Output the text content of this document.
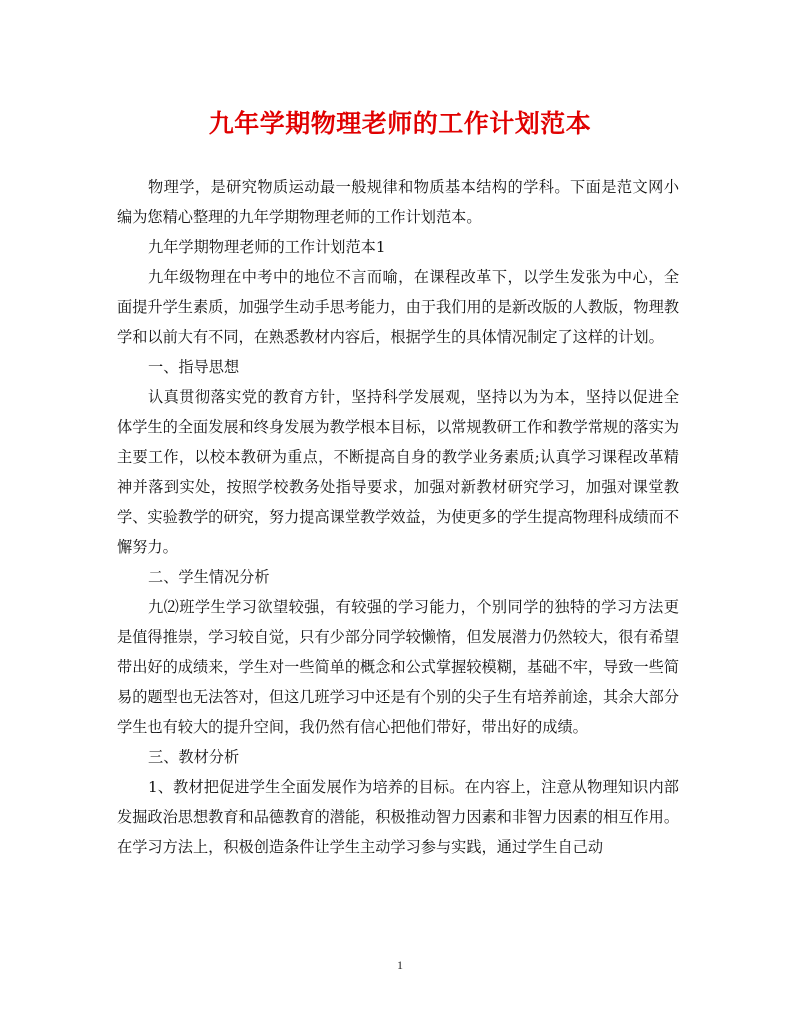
九年学期物理老师的工作计划范本

物理学，是研究物质运动最一般规律和物质基本结构的学科。下面是范文网小编为您精心整理的九年学期物理老师的工作计划范本。

九年学期物理老师的工作计划范本1

九年级物理在中考中的地位不言而喻，在课程改革下，以学生发张为中心，全面提升学生素质，加强学生动手思考能力，由于我们用的是新改版的人教版，物理教学和以前大有不同，在熟悉教材内容后，根据学生的具体情况制定了这样的计划。

一、指导思想

认真贯彻落实党的教育方针，坚持科学发展观，坚持以为为本，坚持以促进全体学生的全面发展和终身发展为教学根本目标，以常规教研工作和教学常规的落实为主要工作，以校本教研为重点，不断提高自身的教学业务素质;认真学习课程改革精神并落到实处，按照学校教务处指导要求，加强对新教材研究学习，加强对课堂教学、实验教学的研究，努力提高课堂教学效益，为使更多的学生提高物理科成绩而不懈努力。

二、学生情况分析

九⑵班学生学习欲望较强，有较强的学习能力，个别同学的独特的学习方法更是值得推崇，学习较自觉，只有少部分同学较懒惰，但发展潜力仍然较大，很有希望带出好的成绩来，学生对一些简单的概念和公式掌握较模糊，基础不牢，导致一些简易的题型也无法答对，但这几班学习中还是有个别的尖子生有培养前途，其余大部分学生也有较大的提升空间，我仍然有信心把他们带好，带出好的成绩。

三、教材分析

1、教材把促进学生全面发展作为培养的目标。在内容上，注意从物理知识内部发掘政治思想教育和品德教育的潜能，积极推动智力因素和非智力因素的相互作用。在学习方法上，积极创造条件让学生主动学习参与实践，通过学生自己动

1
